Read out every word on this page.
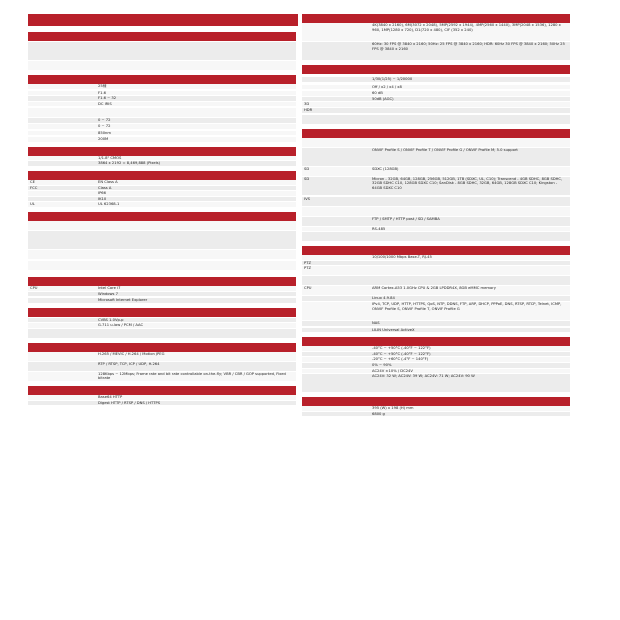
25種
F1.6
F1.6 ~ 32
DC IRIS
0 ~ 72
0 ~ 72
850nm
200M
1/1.8" CMOS
3864 x 2192 = 8,469,888 (Pixels)
CE	EN Class A
FCC	Class A
IP66
IK10
UL	UL 62368-1
CPU	Intel Core i7
Windows 7
Microsoft Internet Explorer
CVBS 1.0Vp-p
G.711 u-law / PCM / AAC
H.265 / MEVIC / H.264 / Motion JPEG
RTP / RTSP, TCP, ICP / UDP, H.264
128Kbps ~ 12Mbps; Frame rate and bit rate controllable on-the-fly; VBR / CBR / GOP supported, Fixed bitrate
Base64 HTTP
Digest HTTP / RTSP / DNS / HTTPS
4K(3840 x 2160), 6M(3072 x 2048), 5MP(2592 x 1944), 4MP(2560 x 1440), 3MP(2048 x 1536), 1280 x 960, 1MP(1280 x 720), D1(720 x 480), CIF (352 x 240)
60Hz: 30 FPS @ 3840 x 2160; 50Hz: 25 FPS @ 3840 x 2160; HDR: 60Hz 30 FPS @ 3840 x 2160; 50Hz 25 FPS @ 3840 x 2160
1/30(1/25) ~ 1/20000
Off / x2 / x4 / x8
60 dB
50dB (AGC)
3D
HDR
ONVIF Profile S / ONVIF Profile T / ONVIF Profile G / ONVIF Profile M; 5.0 support
SD	SDXC (128GB)
SD	Micron - 32GB, 64GB, 128GB, 256GB, 512GB, 1TB (SDXC, UL, C10); Transcend - 4GB SDHC, 8GB SDHC, 32GB SDHC C10, 128GB SDXC C10; SanDisk - 8GB SDHC, 32GB, 64GB, 128GB SDXC C10; Kingston - 64GB SDXC C10
IVS
FTP / SMTP / HTTP post / SD / SAMBA
RS-485
10/100/1000 Mbps Base-T, RJ-45
PTZ
PTZ
CPU	ARM Cortex-A53 1.0GHz CPU & 2GB LPDDR4X, 8GB eMMC memory
Linux 4.9.84
IPv4, TCP, UDP, HTTP, HTTPS, QoS, NTP, DDNS, FTP, ARP, DHCP, PPPoE, DNS, RTSP, RTCP, Telnet, ICMP, ONVIF Profile S, ONVIF Profile T, ONVIF Profile G
NAS
LILIN Universal ActiveX
-40°C ~ +50°C (-40°F ~ 122°F)
-40°C ~ +50°C (-40°F ~ 122°F)
-20°C ~ +60°C (-4°F ~ 140°F)
0% ~ 90%
AC24V ±10% / DC24V
AC24V: 32 W; AC24V: 39 W; AC24V: 71 W; AC24V: 90 W
395 (W) x 198 (H) mm
6800 g
